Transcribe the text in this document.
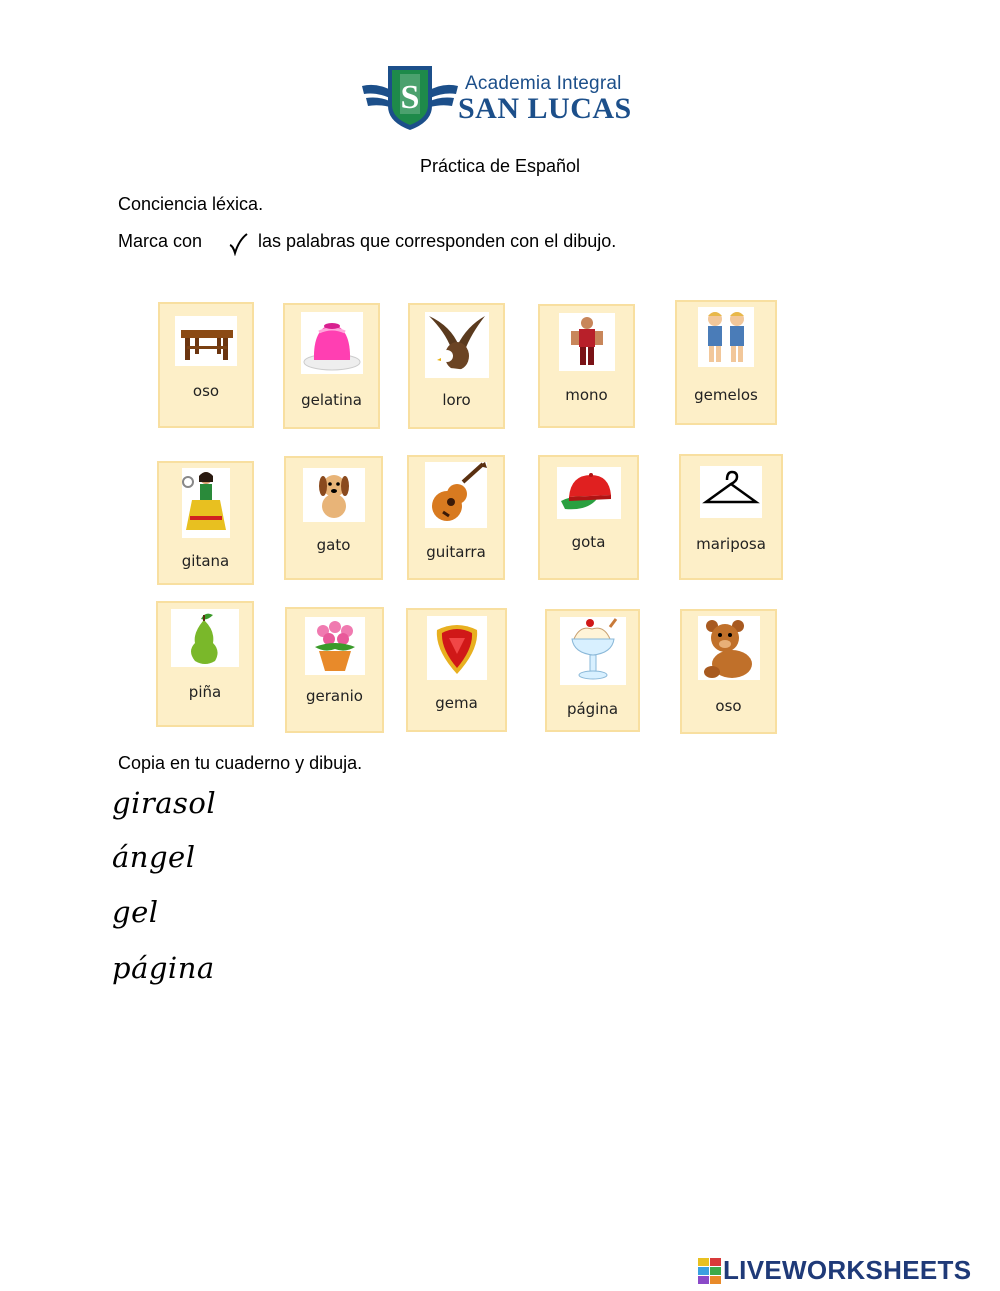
S Academia Integral
SAN LUCAS
Práctica de Español
Conciencia léxica.
Marca con	las palabras que corresponden con el dibujo.
oso	gelatina	loro	mono	gemelos
gitana
gato	guitarra
gota	mariposa
piña	geranio	gema	página	oso
Copia en tu cuaderno y dibuja.
girasol
ángel
gel
página
LIVEWORKSHEETS
